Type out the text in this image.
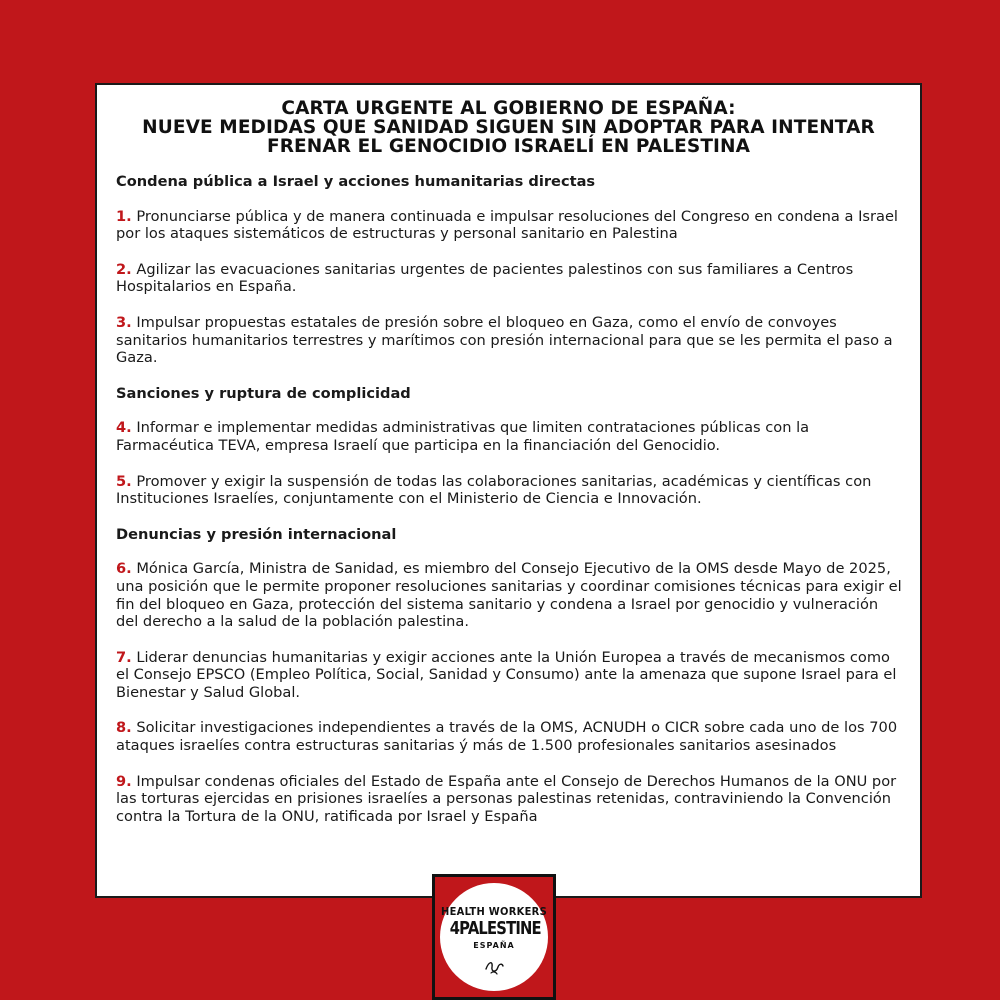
CARTA URGENTE AL GOBIERNO DE ESPAÑA:
NUEVE MEDIDAS QUE SANIDAD SIGUEN SIN ADOPTAR PARA INTENTAR
FRENAR EL GENOCIDIO ISRAELÍ EN PALESTINA

Condena pública a Israel y acciones humanitarias directas

1. Pronunciarse pública y de manera continuada e impulsar resoluciones del Congreso en condena a Israel por los ataques sistemáticos de estructuras y personal sanitario en Palestina

2. Agilizar las evacuaciones sanitarias urgentes de pacientes palestinos con sus familiares a Centros Hospitalarios en España.

3. Impulsar propuestas estatales de presión sobre el bloqueo en Gaza, como el envío de convoyes sanitarios humanitarios terrestres y marítimos con presión internacional para que se les permita el paso a Gaza.

Sanciones y ruptura de complicidad

4. Informar e implementar medidas administrativas que limiten contrataciones públicas con la Farmacéutica TEVA, empresa Israelí que participa en la financiación del Genocidio.

5. Promover y exigir la suspensión de todas las colaboraciones sanitarias, académicas y científicas con Instituciones Israelíes, conjuntamente con el Ministerio de Ciencia e Innovación.

Denuncias y presión internacional

6. Mónica García, Ministra de Sanidad, es miembro del Consejo Ejecutivo de la OMS desde Mayo de 2025, una posición que le permite proponer resoluciones sanitarias y coordinar comisiones técnicas para exigir el fin del bloqueo en Gaza, protección del sistema sanitario y condena a Israel por genocidio y vulneración del derecho a la salud de la población palestina.

7. Liderar denuncias humanitarias y exigir acciones ante la Unión Europea a través de mecanismos como el Consejo EPSCO (Empleo Política, Social, Sanidad y Consumo) ante la amenaza que supone Israel para el Bienestar y Salud Global.

8. Solicitar investigaciones independientes a través de la OMS, ACNUDH o CICR sobre cada uno de los 700 ataques israelíes contra estructuras sanitarias ý más de 1.500 profesionales sanitarios asesinados

9. Impulsar condenas oficiales del Estado de España ante el Consejo de Derechos Humanos de la ONU por las torturas ejercidas en prisiones israelíes a personas palestinas retenidas, contraviniendo la Convención contra la Tortura de la ONU, ratificada por Israel y España

HEALTH WORKERS
4PALESTINE
ESPAÑA
